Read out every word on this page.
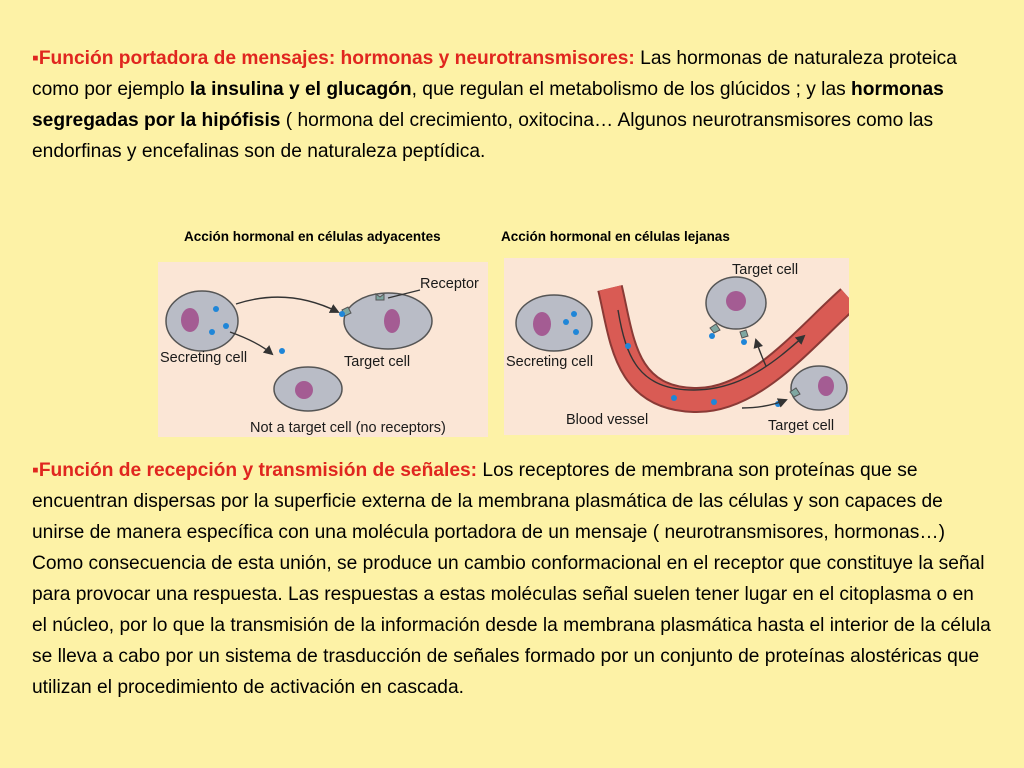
▪Función portadora de mensajes: hormonas y neurotransmisores: Las hormonas de naturaleza proteica como por ejemplo la insulina y el glucagón, que regulan el metabolismo de los glúcidos ; y las hormonas segregadas por la hipófisis ( hormona del crecimiento, oxitocina… Algunos neurotransmisores como las endorfinas y encefalinas son de naturaleza peptídica.

Acción hormonal en células adyacentes	Acción hormonal en células lejanas
Secreting cell	Target cell
Receptor
Not a target cell (no receptors)
Secreting cell
Target cell
Target cell
Blood vessel

▪Función de recepción y transmisión de señales: Los receptores de membrana son proteínas que se encuentran dispersas por la superficie externa de la membrana plasmática de las células y son capaces de unirse de manera específica con una molécula portadora de un mensaje ( neurotransmisores, hormonas…) Como consecuencia de esta unión, se produce un cambio conformacional en el receptor que constituye la señal para provocar una respuesta. Las respuestas a estas moléculas señal suelen tener lugar en el citoplasma o en el núcleo, por lo que la transmisión de la información desde la membrana plasmática hasta el interior de la célula se lleva a cabo por un sistema de trasducción de señales formado por un conjunto de proteínas alostéricas que utilizan el procedimiento de activación en cascada.
